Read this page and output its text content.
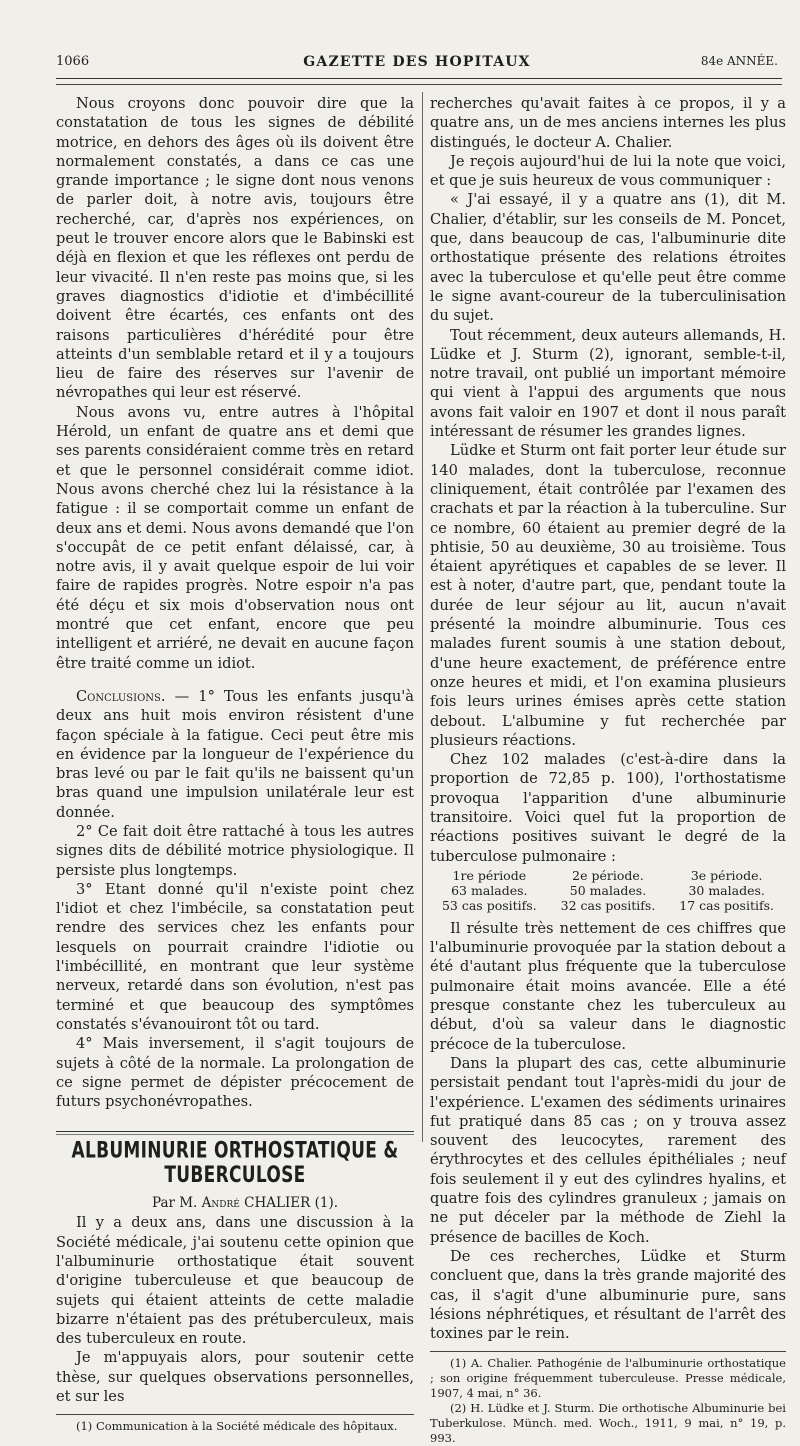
1066	GAZETTE DES HOPITAUX	84e ANNÉE.

Nous croyons donc pouvoir dire que la constatation de tous les signes de débilité motrice, en dehors des âges où ils doivent être normalement constatés, a dans ce cas une grande importance ; le signe dont nous venons de parler doit, à notre avis, toujours être recherché, car, d'après nos expériences, on peut le trouver encore alors que le Babinski est déjà en flexion et que les réflexes ont perdu de leur vivacité. Il n'en reste pas moins que, si les graves diagnostics d'idiotie et d'imbécillité doivent être écartés, ces enfants ont des raisons particulières d'hérédité pour être atteints d'un semblable retard et il y a toujours lieu de faire des réserves sur l'avenir de névropathes qui leur est réservé.

Nous avons vu, entre autres à l'hôpital Hérold, un enfant de quatre ans et demi que ses parents considéraient comme très en retard et que le personnel considérait comme idiot. Nous avons cherché chez lui la résistance à la fatigue : il se comportait comme un enfant de deux ans et demi. Nous avons demandé que l'on s'occupât de ce petit enfant délaissé, car, à notre avis, il y avait quelque espoir de lui voir faire de rapides progrès. Notre espoir n'a pas été déçu et six mois d'observation nous ont montré que cet enfant, encore que peu intelligent et arriéré, ne devait en aucune façon être traité comme un idiot.

Conclusions. — 1° Tous les enfants jusqu'à deux ans huit mois environ résistent d'une façon spéciale à la fatigue. Ceci peut être mis en évidence par la longueur de l'expérience du bras levé ou par le fait qu'ils ne baissent qu'un bras quand une impulsion unilatérale leur est donnée.

2° Ce fait doit être rattaché à tous les autres signes dits de débilité motrice physiologique. Il persiste plus longtemps.

3° Etant donné qu'il n'existe point chez l'idiot et chez l'imbécile, sa constatation peut rendre des services chez les enfants pour lesquels on pourrait craindre l'idiotie ou l'imbécillité, en montrant que leur système nerveux, retardé dans son évolution, n'est pas terminé et que beaucoup des symptômes constatés s'évanouiront tôt ou tard.

4° Mais inversement, il s'agit toujours de sujets à côté de la normale. La prolongation de ce signe permet de dépister précocement de futurs psychonévropathes.

ALBUMINURIE ORTHOSTATIQUE & TUBERCULOSE

Par M. André CHALIER (1).

Il y a deux ans, dans une discussion à la Société médicale, j'ai soutenu cette opinion que l'albuminurie orthostatique était souvent d'origine tuberculeuse et que beaucoup de sujets qui étaient atteints de cette maladie bizarre n'étaient pas des prétuberculeux, mais des tuberculeux en route.

Je m'appuyais alors, pour soutenir cette thèse, sur quelques observations personnelles, et sur les

(1) Communication à la Société médicale des hôpitaux.

recherches qu'avait faites à ce propos, il y a quatre ans, un de mes anciens internes les plus distingués, le docteur A. Chalier.

Je reçois aujourd'hui de lui la note que voici, et que je suis heureux de vous communiquer :

« J'ai essayé, il y a quatre ans (1), dit M. Chalier, d'établir, sur les conseils de M. Poncet, que, dans beaucoup de cas, l'albuminurie dite orthostatique présente des relations étroites avec la tuberculose et qu'elle peut être comme le signe avant-coureur de la tuberculinisation du sujet.

Tout récemment, deux auteurs allemands, H. Lüdke et J. Sturm (2), ignorant, semble-t-il, notre travail, ont publié un important mémoire qui vient à l'appui des arguments que nous avons fait valoir en 1907 et dont il nous paraît intéressant de résumer les grandes lignes.

Lüdke et Sturm ont fait porter leur étude sur 140 malades, dont la tuberculose, reconnue cliniquement, était contrôlée par l'examen des crachats et par la réaction à la tuberculine. Sur ce nombre, 60 étaient au premier degré de la phtisie, 50 au deuxième, 30 au troisième. Tous étaient apyrétiques et capables de se lever. Il est à noter, d'autre part, que, pendant toute la durée de leur séjour au lit, aucun n'avait présenté la moindre albuminurie. Tous ces malades furent soumis à une station debout, d'une heure exactement, de préférence entre onze heures et midi, et l'on examina plusieurs fois leurs urines émises après cette station debout. L'albumine y fut recherchée par plusieurs réactions.

Chez 102 malades (c'est-à-dire dans la proportion de 72,85 p. 100), l'orthostatisme provoqua l'apparition d'une albuminurie transitoire. Voici quel fut la proportion de réactions positives suivant le degré de la tuberculose pulmonaire :

1re période	2e période.	3e période.
63 malades.	50 malades.	30 malades.
53 cas positifs.	32 cas positifs.	17 cas positifs.

Il résulte très nettement de ces chiffres que l'albuminurie provoquée par la station debout a été d'autant plus fréquente que la tuberculose pulmonaire était moins avancée. Elle a été presque constante chez les tuberculeux au début, d'où sa valeur dans le diagnostic précoce de la tuberculose.

Dans la plupart des cas, cette albuminurie persistait pendant tout l'après-midi du jour de l'expérience. L'examen des sédiments urinaires fut pratiqué dans 85 cas ; on y trouva assez souvent des leucocytes, rarement des érythrocytes et des cellules épithéliales ; neuf fois seulement il y eut des cylindres hyalins, et quatre fois des cylindres granuleux ; jamais on ne put déceler par la méthode de Ziehl la présence de bacilles de Koch.

De ces recherches, Lüdke et Sturm concluent que, dans la très grande majorité des cas, il s'agit d'une albuminurie pure, sans lésions néphrétiques, et résultant de l'arrêt des toxines par le rein.

(1) A. Chalier. Pathogénie de l'albuminurie orthostatique ; son origine fréquemment tuberculeuse. Presse médicale, 1907, 4 mai, n° 36.

(2) H. Lüdke et J. Sturm. Die orthotische Albuminurie bei Tuberkulose. Münch. med. Woch., 1911, 9 mai, n° 19, p. 993.
